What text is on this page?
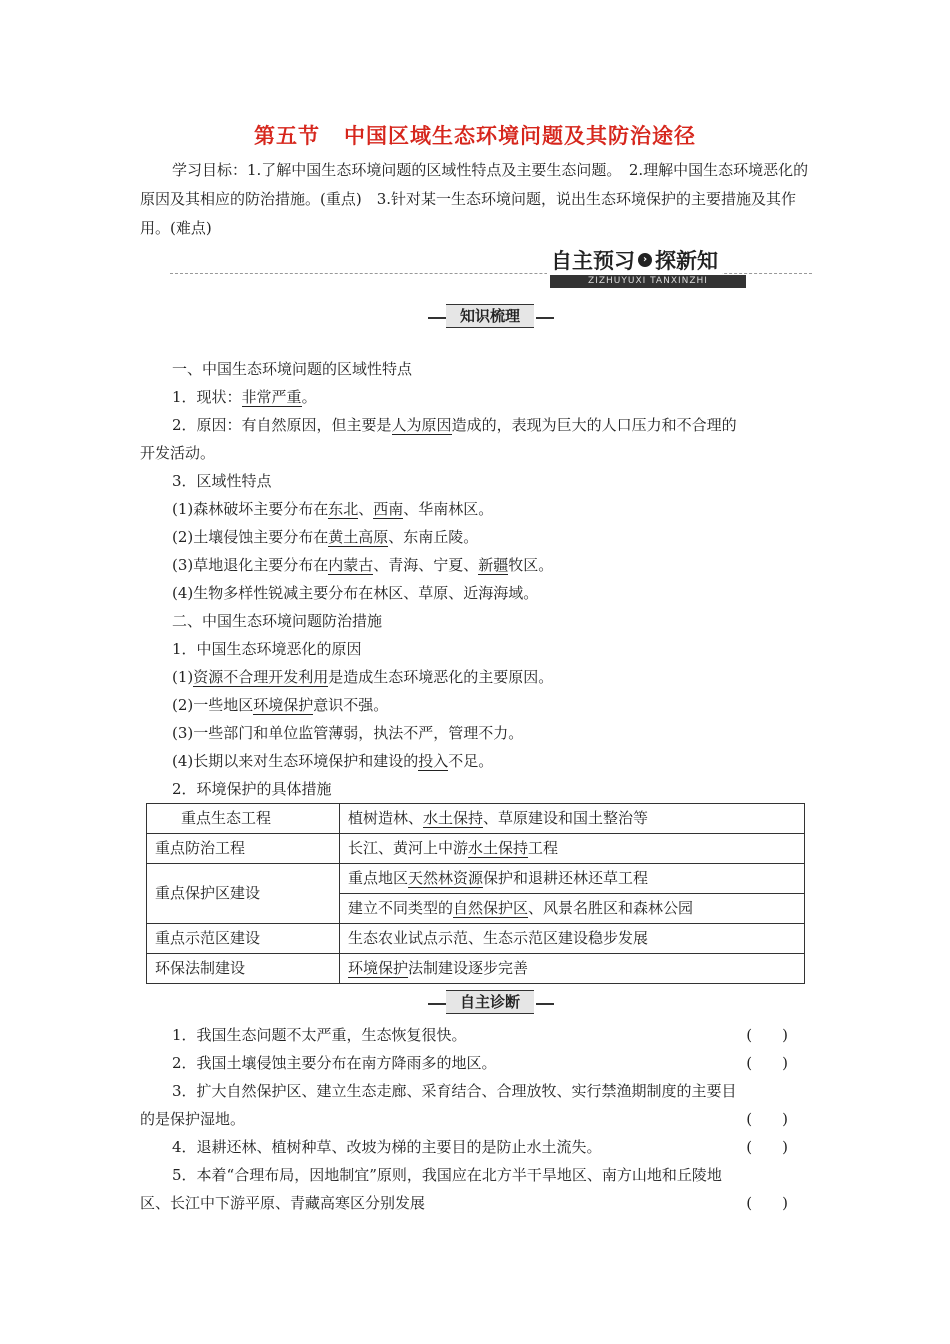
第五节 中国区域生态环境问题及其防治途径
学习目标：1.了解中国生态环境问题的区域性特点及主要生态问题。　2.理解中国生态环境恶化的原因及其相应的防治措施。(重点)　3.针对某一生态环境问题，说出生态环境保护的主要措施及其作用。(难点)
自主预习 › 探新知
ZIZHUYUXI TANXINZHI
知识梳理
一、中国生态环境问题的区域性特点
1．现状：非常严重。
2．原因：有自然原因，但主要是人为原因造成的，表现为巨大的人口压力和不合理的
开发活动。
3．区域性特点
(1)森林破坏主要分布在东北、西南、华南林区。
(2)土壤侵蚀主要分布在黄土高原、东南丘陵。
(3)草地退化主要分布在内蒙古、青海、宁夏、新疆牧区。
(4)生物多样性锐减主要分布在林区、草原、近海海域。
二、中国生态环境问题防治措施
1．中国生态环境恶化的原因
(1)资源不合理开发利用是造成生态环境恶化的主要原因。
(2)一些地区环境保护意识不强。
(3)一些部门和单位监管薄弱，执法不严，管理不力。
(4)长期以来对生态环境保护和建设的投入不足。
2．环境保护的具体措施
重点生态工程	植树造林、水土保持、草原建设和国土整治等
重点防治工程	长江、黄河上中游水土保持工程
重点保护区建设	重点地区天然林资源保护和退耕还林还草工程
	建立不同类型的自然保护区、风景名胜区和森林公园
重点示范区建设	生态农业试点示范、生态示范区建设稳步发展
环保法制建设	环境保护法制建设逐步完善
自主诊断
1．我国生态问题不太严重，生态恢复很快。	(　　)
2．我国土壤侵蚀主要分布在南方降雨多的地区。	(　　)
3．扩大自然保护区、建立生态走廊、采育结合、合理放牧、实行禁渔期制度的主要目
的是保护湿地。	(　　)
4．退耕还林、植树种草、改坡为梯的主要目的是防止水土流失。	(　　)
5．本着“合理布局，因地制宜”原则，我国应在北方半干旱地区、南方山地和丘陵地
区、长江中下游平原、青藏高寒区分别发展	(　　)
